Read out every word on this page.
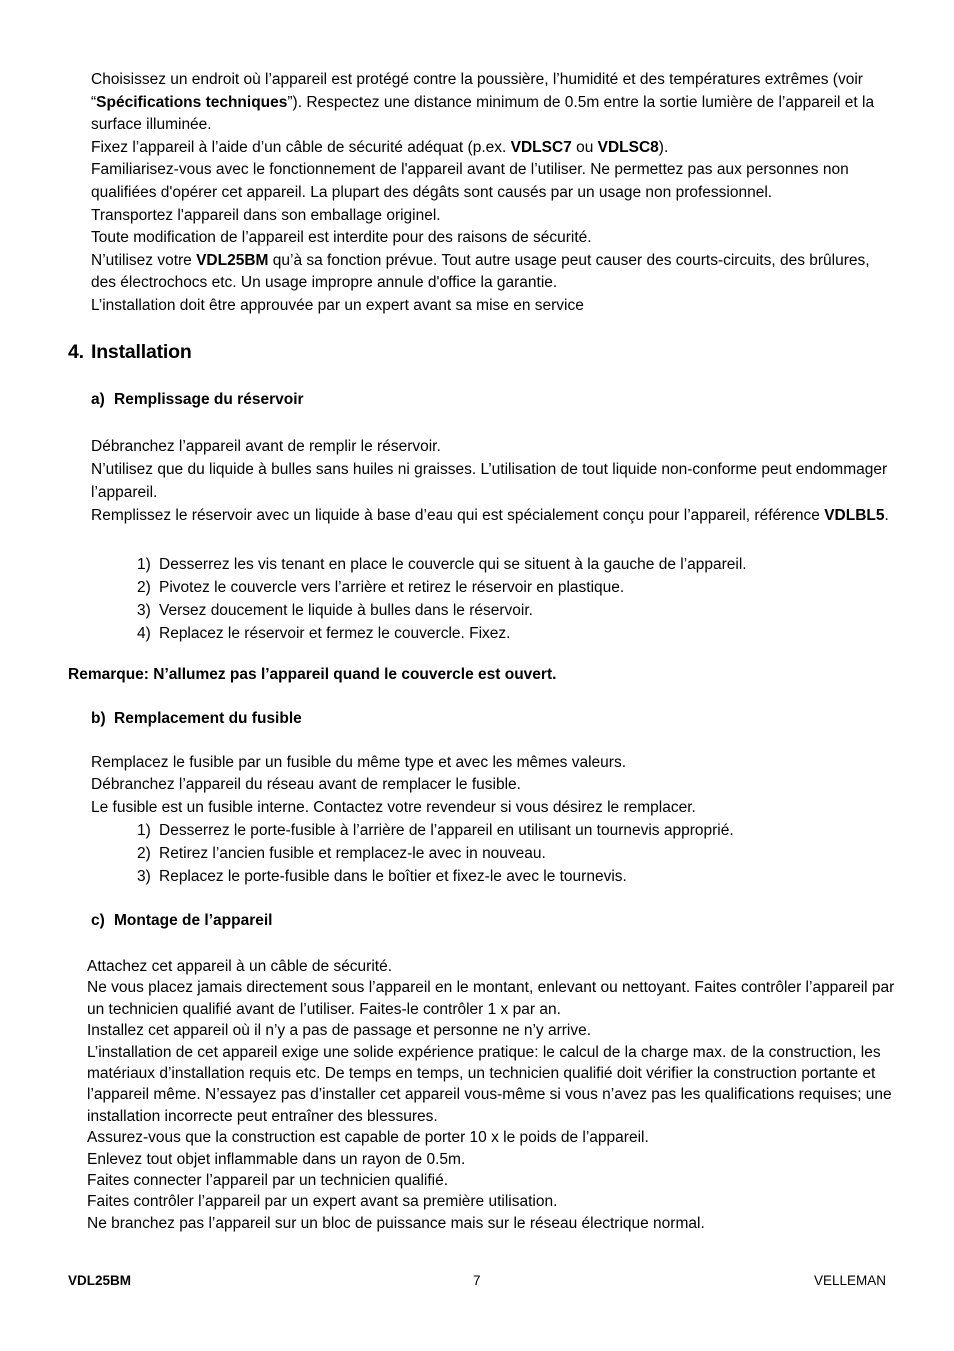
Choisissez un endroit où l’appareil est protégé contre la poussière, l’humidité et des températures extrêmes (voir “Spécifications techniques”). Respectez une distance minimum de 0.5m entre la sortie lumière de l’appareil et la surface illuminée.

Fixez l’appareil à l’aide d’un câble de sécurité adéquat (p.ex. VDLSC7 ou VDLSC8).

Familiarisez-vous avec le fonctionnement de l'appareil avant de l’utiliser. Ne permettez pas aux personnes non qualifiées d'opérer cet appareil. La plupart des dégâts sont causés par un usage non professionnel.

Transportez l'appareil dans son emballage originel.

Toute modification de l’appareil est interdite pour des raisons de sécurité.

N’utilisez votre VDL25BM qu’à sa fonction prévue. Tout autre usage peut causer des courts-circuits, des brûlures, des électrochocs etc. Un usage impropre annule d'office la garantie.

L’installation doit être approuvée par un expert avant sa mise en service

4. Installation

a) Remplissage du réservoir

Débranchez l’appareil avant de remplir le réservoir.

N’utilisez que du liquide à bulles sans huiles ni graisses. L’utilisation de tout liquide non-conforme peut endommager l’appareil.

Remplissez le réservoir avec un liquide à base d’eau qui est spécialement conçu pour l’appareil, référence VDLBL5.

1) Desserrez les vis tenant en place le couvercle qui se situent à la gauche de l’appareil.
2) Pivotez le couvercle vers l’arrière et retirez le réservoir en plastique.
3) Versez doucement le liquide à bulles dans le réservoir.
4) Replacez le réservoir et fermez le couvercle. Fixez.

Remarque: N’allumez pas l’appareil quand le couvercle est ouvert.

b) Remplacement du fusible

Remplacez le fusible par un fusible du même type et avec les mêmes valeurs.

Débranchez l’appareil du réseau avant de remplacer le fusible.

Le fusible est un fusible interne. Contactez votre revendeur si vous désirez le remplacer.

1) Desserrez le porte-fusible à l’arrière de l’appareil en utilisant un tournevis approprié.
2) Retirez l’ancien fusible et remplacez-le avec in nouveau.
3) Replacez le porte-fusible dans le boîtier et fixez-le avec le tournevis.

c) Montage de l’appareil

Attachez cet appareil à un câble de sécurité.

Ne vous placez jamais directement sous l’appareil en le montant, enlevant ou nettoyant. Faites contrôler l’appareil par un technicien qualifié avant de l’utiliser. Faites-le contrôler 1 x par an.

Installez cet appareil où il n’y a pas de passage et personne ne n’y arrive.

L’installation de cet appareil exige une solide expérience pratique: le calcul de la charge max. de la construction, les matériaux d’installation requis etc. De temps en temps, un technicien qualifié doit vérifier la construction portante et l’appareil même. N’essayez pas d’installer cet appareil vous-même si vous n’avez pas les qualifications requises; une installation incorrecte peut entraîner des blessures.

Assurez-vous que la construction est capable de porter 10 x le poids de l’appareil.

Enlevez tout objet inflammable dans un rayon de 0.5m.

Faites connecter l’appareil par un technicien qualifié.

Faites contrôler l’appareil par un expert avant sa première utilisation.

Ne branchez pas l’appareil sur un bloc de puissance mais sur le réseau électrique normal.

VDL25BM	7	VELLEMAN
